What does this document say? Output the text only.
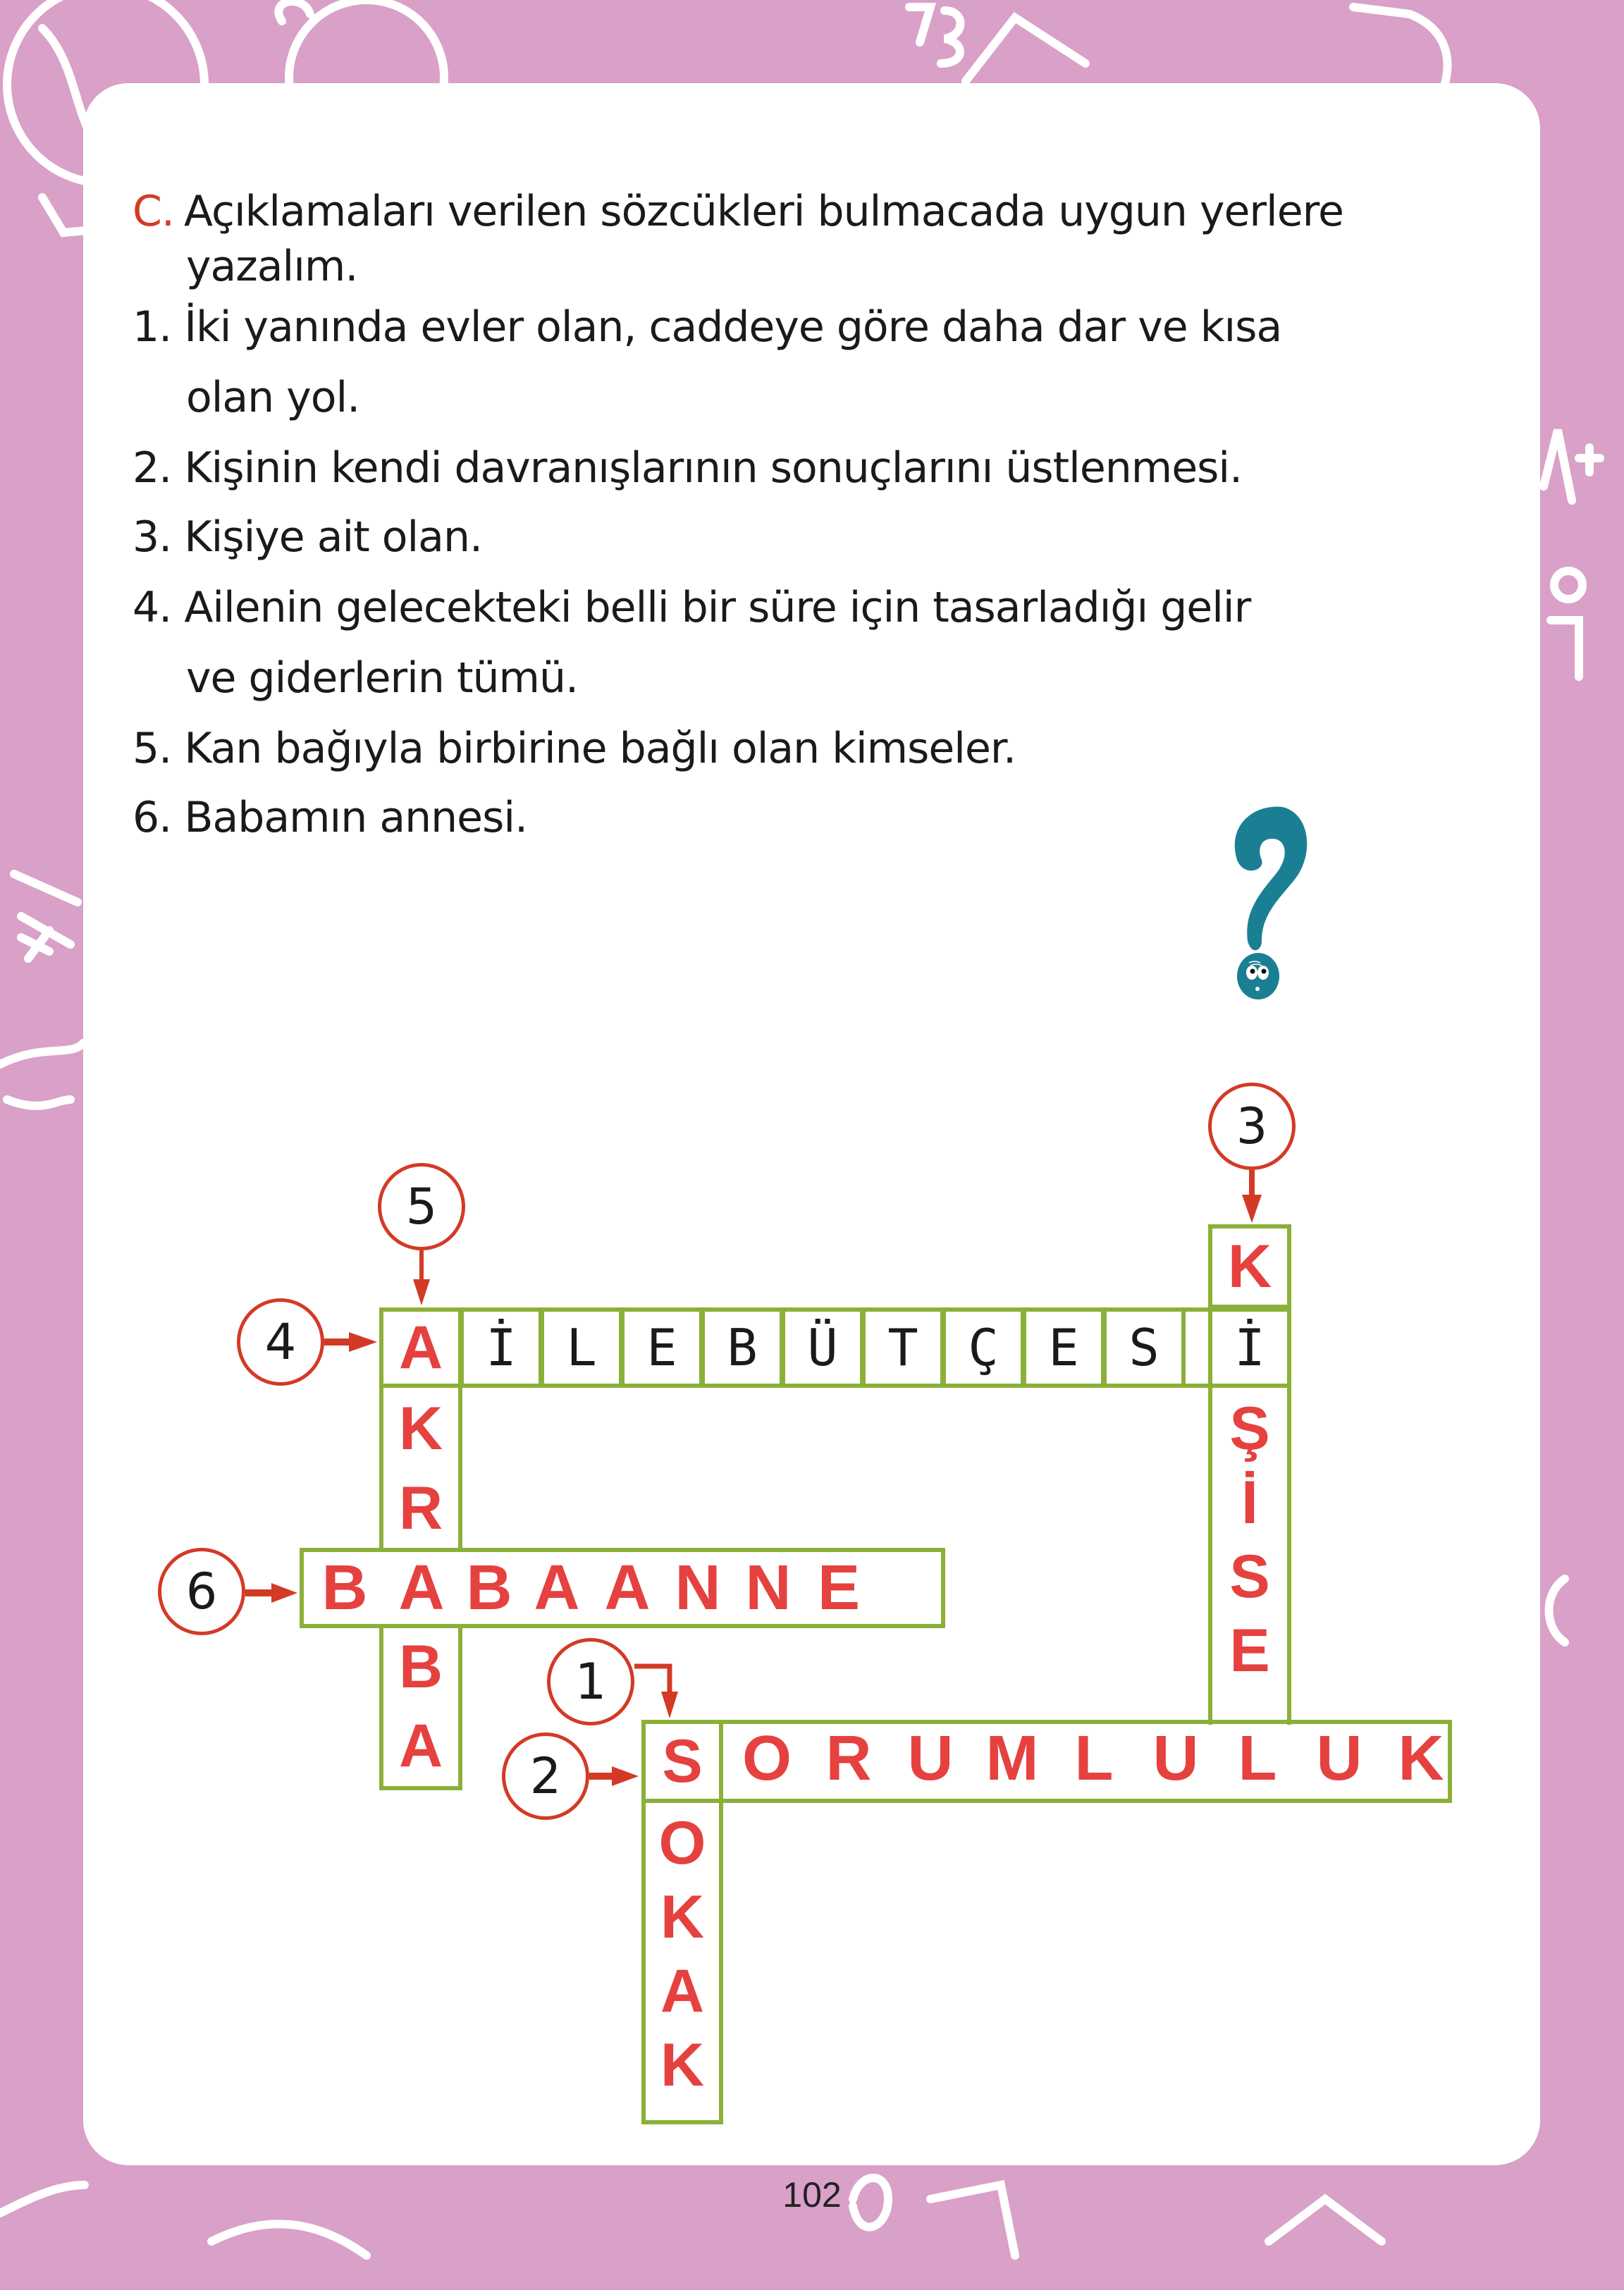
C. Açıklamaları verilen sözcükleri bulmacada uygun yerlere
yazalım.
1. İki yanında evler olan, caddeye göre daha dar ve kısa
olan yol.
2. Kişinin kendi davranışlarının sonuçlarını üstlenmesi.
3. Kişiye ait olan.
4. Ailenin gelecekteki belli bir süre için tasarladığı gelir
ve giderlerin tümü.
5. Kan bağıyla birbirine bağlı olan kimseler.
6. Babamın annesi.
A İ L E B Ü T Ç E S	İ
K
Ş
İ
S
E
K
R
B
A
B A B A A N N E
S O R U M L U L U K
O
K
A
K
5
3
4
6
1
2
102
